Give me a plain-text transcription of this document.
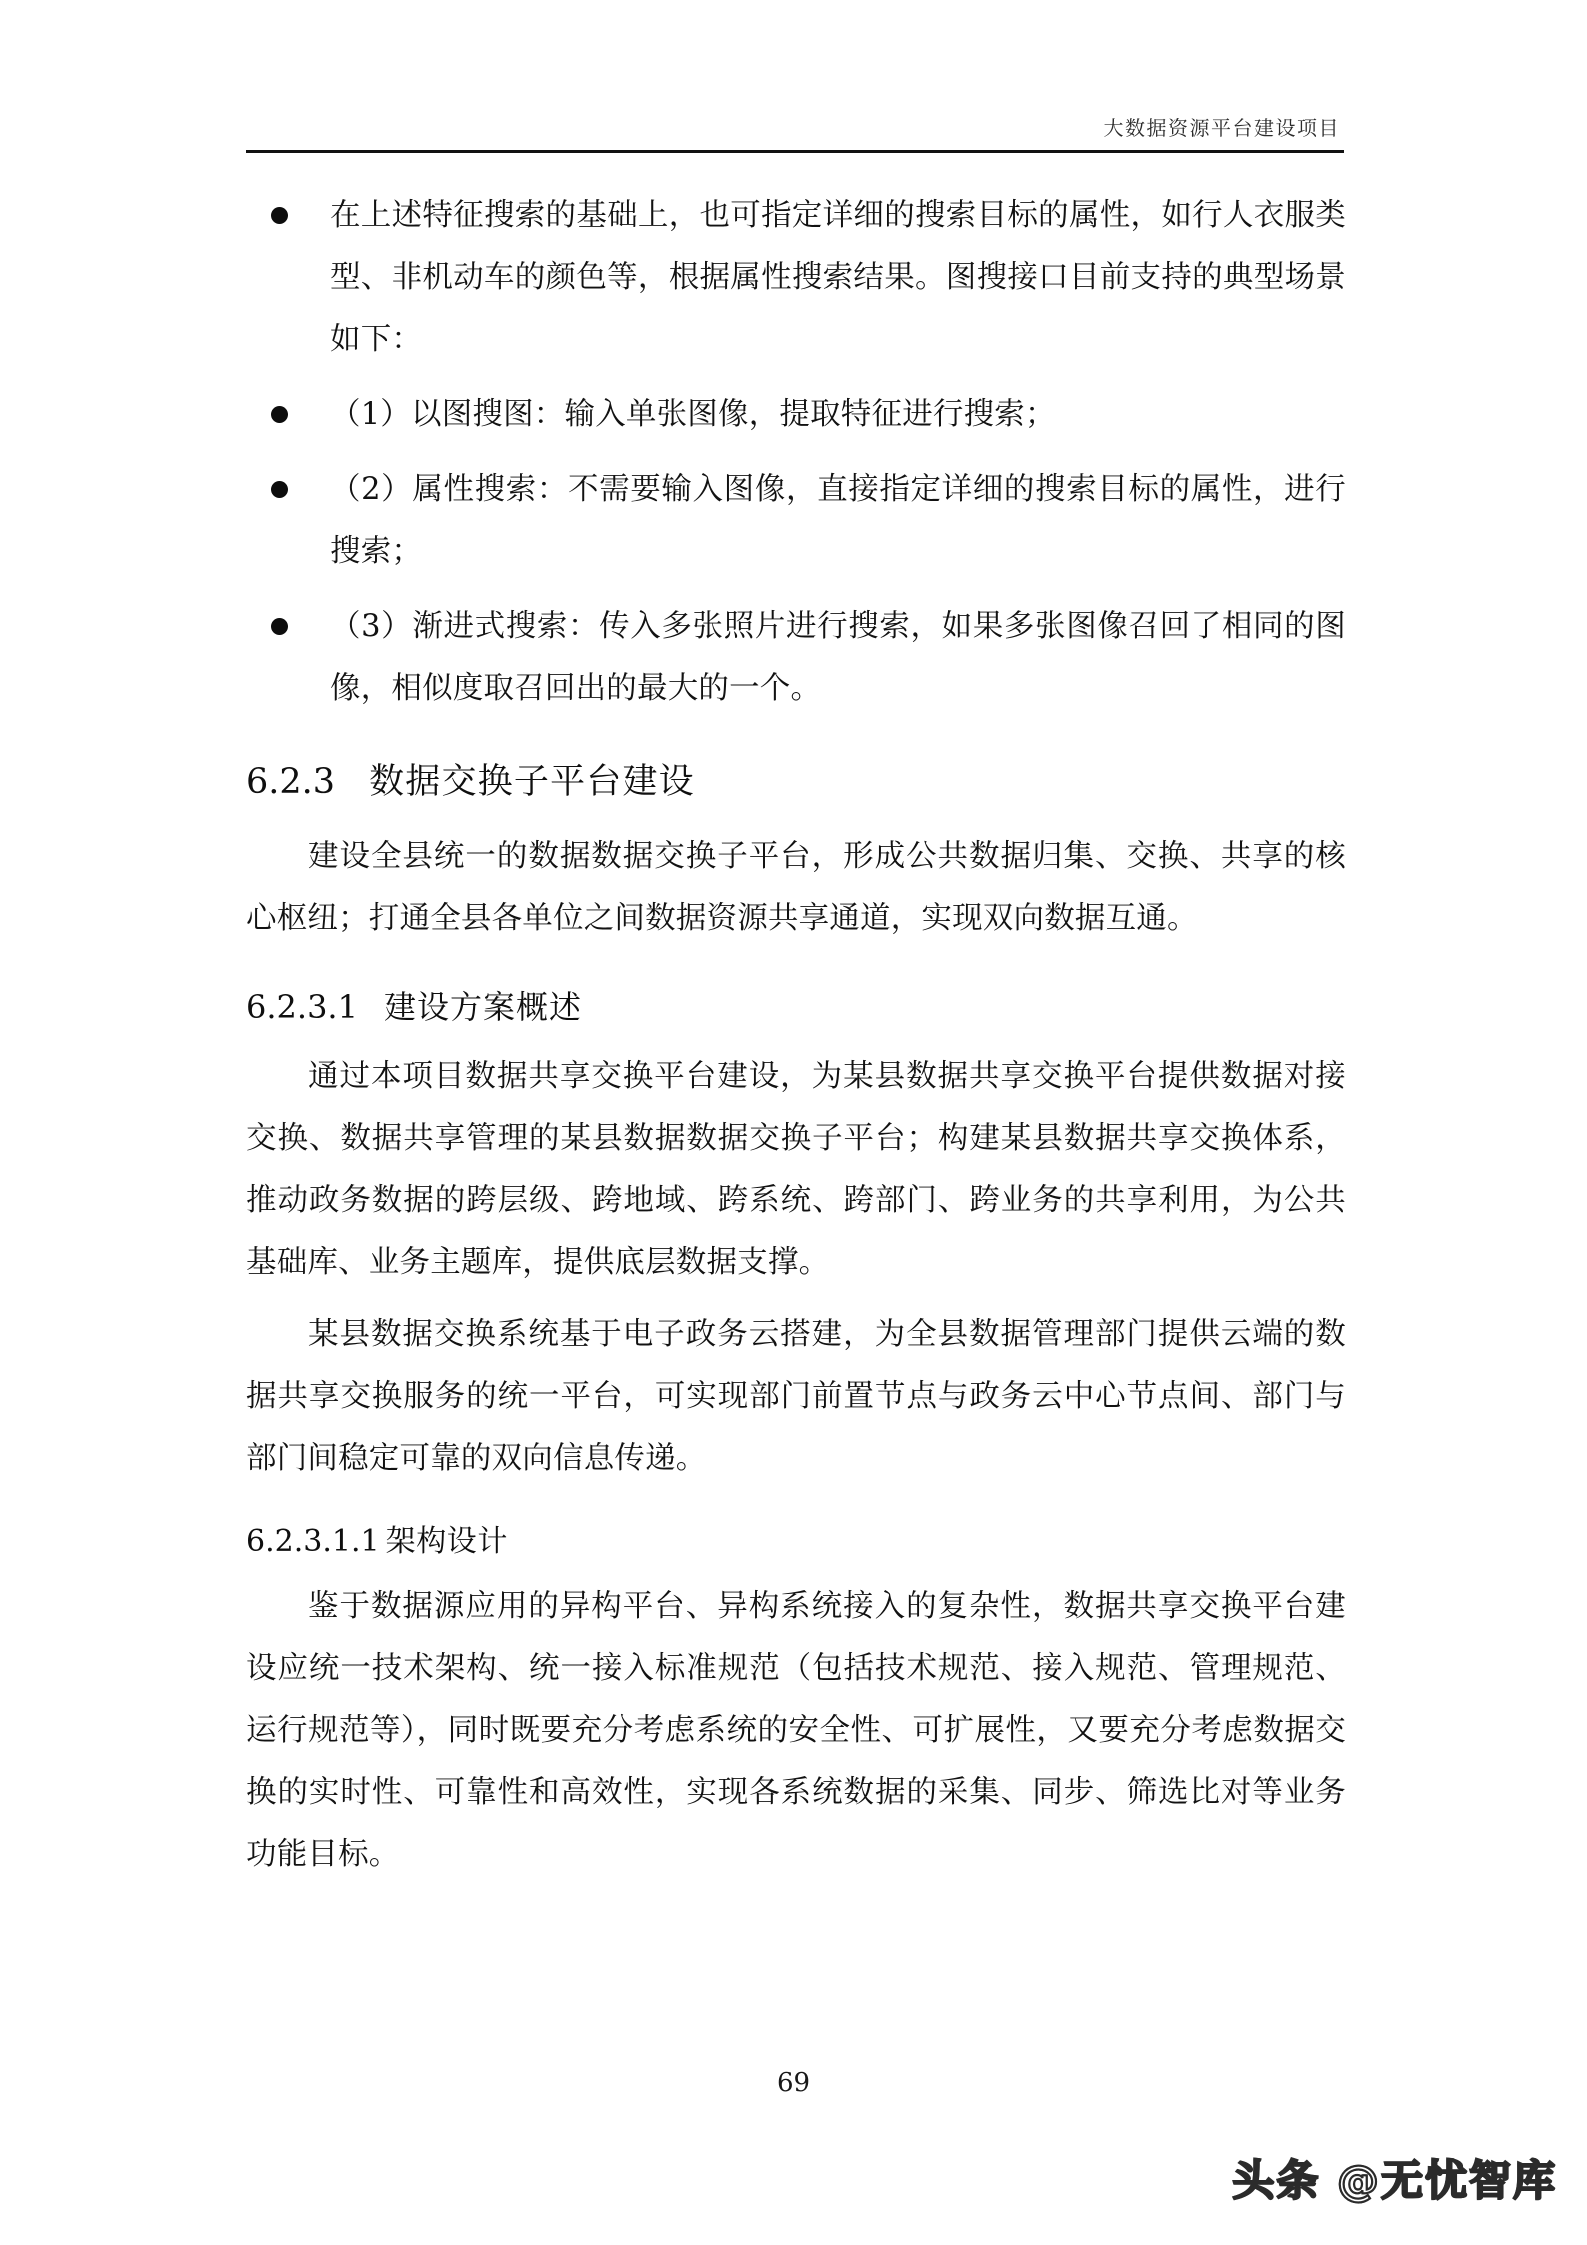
大数据资源平台建设项目
在上述特征搜索的基础上，也可指定详细的搜索目标的属性，如行人衣服类型、非机动车的颜色等，根据属性搜索结果。图搜接口目前支持的典型场景如下：
（1）以图搜图：输入单张图像，提取特征进行搜索；
（2）属性搜索：不需要输入图像，直接指定详细的搜索目标的属性，进行搜索；
（3）渐进式搜索：传入多张照片进行搜索，如果多张图像召回了相同的图像，相似度取召回出的最大的一个。
6.2.3 数据交换子平台建设

建设全县统一的数据数据交换子平台，形成公共数据归集、交换、共享的核心枢纽；打通全县各单位之间数据资源共享通道，实现双向数据互通。

6.2.3.1 建设方案概述

通过本项目数据共享交换平台建设，为某县数据共享交换平台提供数据对接交换、数据共享管理的某县数据数据交换子平台；构建某县数据共享交换体系，推动政务数据的跨层级、跨地域、跨系统、跨部门、跨业务的共享利用，为公共基础库、业务主题库，提供底层数据支撑。

某县数据交换系统基于电子政务云搭建，为全县数据管理部门提供云端的数据共享交换服务的统一平台，可实现部门前置节点与政务云中心节点间、部门与部门间稳定可靠的双向信息传递。

6.2.3.1.1 架构设计

鉴于数据源应用的异构平台、异构系统接入的复杂性，数据共享交换平台建设应统一技术架构、统一接入标准规范（包括技术规范、接入规范、管理规范、运行规范等），同时既要充分考虑系统的安全性、可扩展性，又要充分考虑数据交换的实时性、可靠性和高效性，实现各系统数据的采集、同步、筛选比对等业务功能目标。

69
头条 @无忧智库
